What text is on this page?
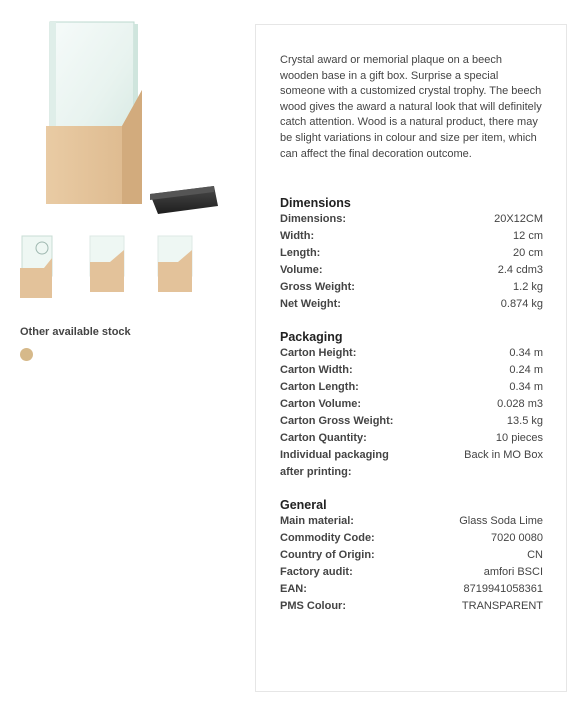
Other available stock

Crystal award or memorial plaque on a beech wooden base in a gift box. Surprise a special someone with a customized crystal trophy. The beech wood gives the award a natural look that will definitely catch attention. Wood is a natural product, there may be slight variations in colour and size per item, which can affect the final decoration outcome.

Dimensions
Dimensions:	20X12CM
Width:	12 cm
Length:	20 cm
Volume:	2.4 cdm3
Gross Weight:	1.2 kg
Net Weight:	0.874 kg
Packaging
Carton Height:	0.34 m
Carton Width:	0.24 m
Carton Length:	0.34 m
Carton Volume:	0.028 m3
Carton Gross Weight:	13.5 kg
Carton Quantity:	10 pieces
Individual packaging after printing:
Back in MO Box
General
Main material:	Glass Soda Lime
Commodity Code:	7020 0080
Country of Origin:	CN
Factory audit:	amfori BSCI
EAN:	8719941058361
PMS Colour:	TRANSPARENT
